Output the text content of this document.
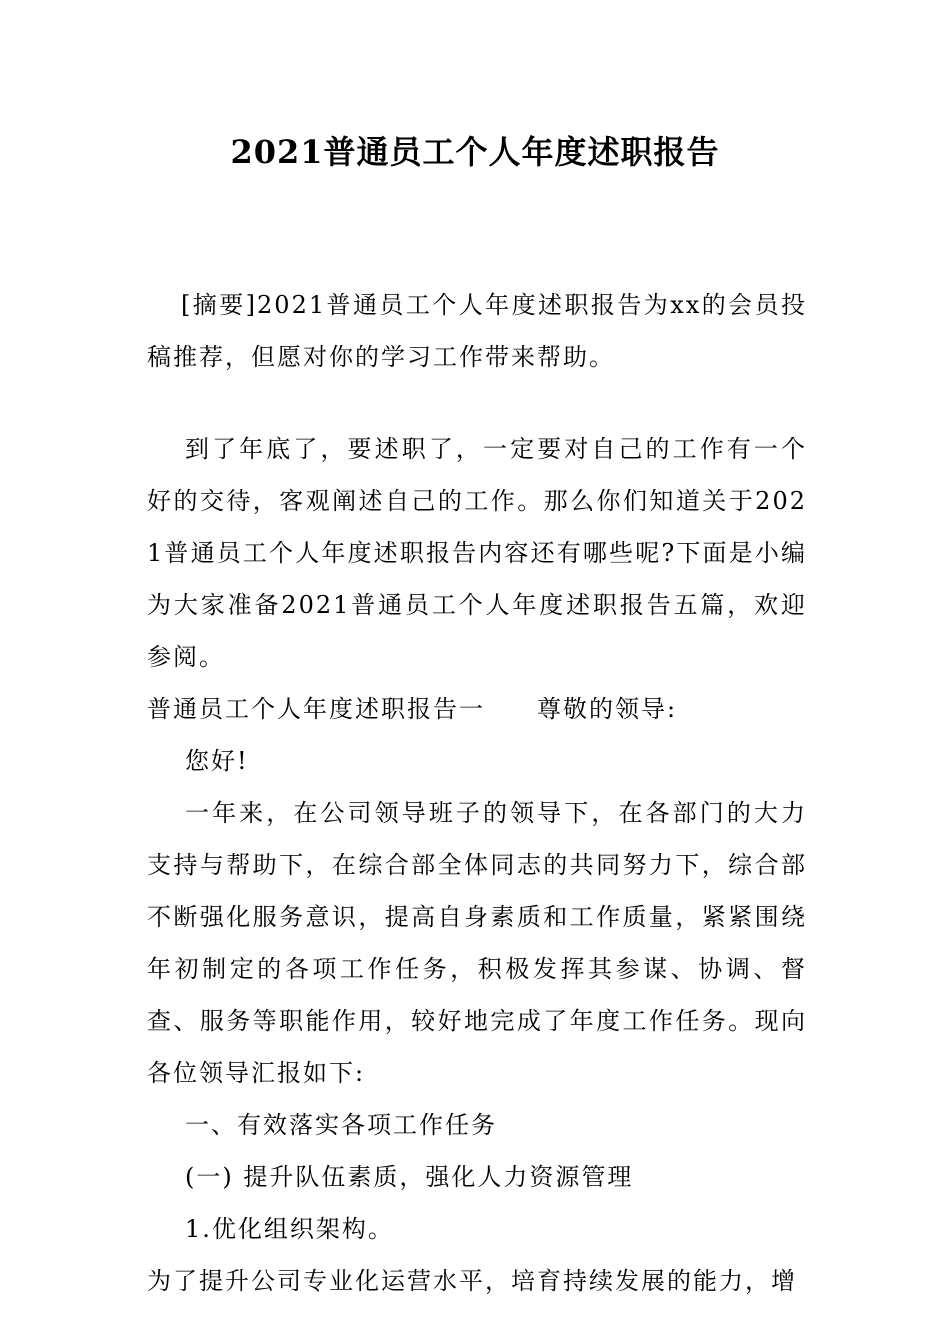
2021普通员工个人年度述职报告

[摘要]2021普通员工个人年度述职报告为xx的会员投稿推荐，但愿对你的学习工作带来帮助。

到了年底了，要述职了，一定要对自己的工作有一个好的交待，客观阐述自己的工作。那么你们知道关于2021普通员工个人年度述职报告内容还有哪些呢?下面是小编为大家准备2021普通员工个人年度述职报告五篇，欢迎参阅。

普通员工个人年度述职报告一　　尊敬的领导:

您好!

一年来，在公司领导班子的领导下，在各部门的大力支持与帮助下，在综合部全体同志的共同努力下，综合部不断强化服务意识，提高自身素质和工作质量，紧紧围绕年初制定的各项工作任务，积极发挥其参谋、协调、督查、服务等职能作用，较好地完成了年度工作任务。现向各位领导汇报如下:

一、有效落实各项工作任务

(一) 提升队伍素质，强化人力资源管理

1.优化组织架构。

为了提升公司专业化运营水平，培育持续发展的能力，增
